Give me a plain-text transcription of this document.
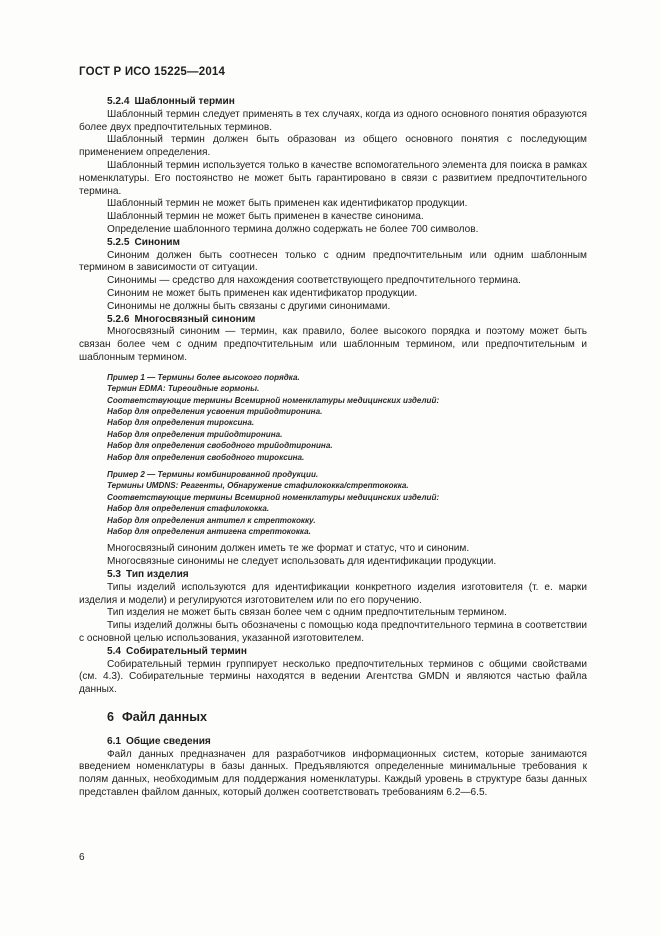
ГОСТ Р ИСО 15225—2014

5.2.4 Шаблонный термин

Шаблонный термин следует применять в тех случаях, когда из одного основного понятия образуются более двух предпочтительных терминов.

Шаблонный термин должен быть образован из общего основного понятия с последующим применением определения.

Шаблонный термин используется только в качестве вспомогательного элемента для поиска в рамках номенклатуры. Его постоянство не может быть гарантировано в связи с развитием предпочтительного термина.

Шаблонный термин не может быть применен как идентификатор продукции.

Шаблонный термин не может быть применен в качестве синонима.

Определение шаблонного термина должно содержать не более 700 символов.

5.2.5 Синоним

Синоним должен быть соотнесен только с одним предпочтительным или одним шаблонным термином в зависимости от ситуации.

Синонимы — средство для нахождения соответствующего предпочтительного термина.

Синоним не может быть применен как идентификатор продукции.

Синонимы не должны быть связаны с другими синонимами.

5.2.6 Многосвязный синоним

Многосвязный синоним — термин, как правило, более высокого порядка и поэтому может быть связан более чем с одним предпочтительным или шаблонным термином, или предпочтительным и шаблонным термином.

Пример 1 — Термины более высокого порядка.
Термин EDMA: Тиреоидные гормоны.
Соответствующие термины Всемирной номенклатуры медицинских изделий:
Набор для определения усвоения трийодтиронина.
Набор для определения тироксина.
Набор для определения трийодтиронина.
Набор для определения свободного трийодтиронина.
Набор для определения свободного тироксина.
Пример 2 — Термины комбинированной продукции.
Термины UMDNS: Реагенты, Обнаружение стафилококка/стрептококка.
Соответствующие термины Всемирной номенклатуры медицинских изделий:
Набор для определения стафилококка.
Набор для определения антител к стрептококку.
Набор для определения антигена стрептококка.

Многосвязный синоним должен иметь те же формат и статус, что и синоним.

Многосвязные синонимы не следует использовать для идентификации продукции.

5.3 Тип изделия

Типы изделий используются для идентификации конкретного изделия изготовителя (т. е. марки изделия и модели) и регулируются изготовителем или по его поручению.

Тип изделия не может быть связан более чем с одним предпочтительным термином.

Типы изделий должны быть обозначены с помощью кода предпочтительного термина в соответствии с основной целью использования, указанной изготовителем.

5.4 Собирательный термин

Собирательный термин группирует несколько предпочтительных терминов с общими свойствами (см. 4.3). Собирательные термины находятся в ведении Агентства GMDN и являются частью файла данных.

6 Файл данных

6.1 Общие сведения

Файл данных предназначен для разработчиков информационных систем, которые занимаются введением номенклатуры в базы данных. Предъявляются определенные минимальные требования к полям данных, необходимым для поддержания номенклатуры. Каждый уровень в структуре базы данных представлен файлом данных, который должен соответствовать требованиям 6.2—6.5.

6
